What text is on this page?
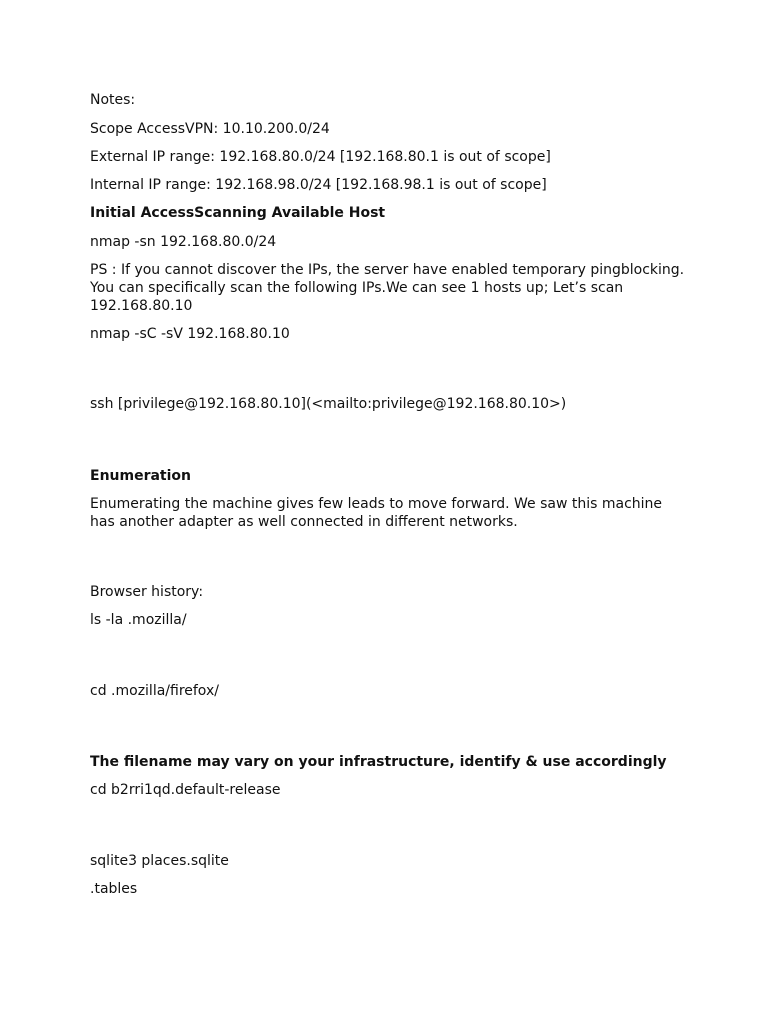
Notes:

Scope AccessVPN: 10.10.200.0/24

External IP range: 192.168.80.0/24 [192.168.80.1 is out of scope]

Internal IP range: 192.168.98.0/24 [192.168.98.1 is out of scope]

Initial AccessScanning Available Host

nmap -sn 192.168.80.0/24

PS : If you cannot discover the IPs, the server have enabled temporary pingblocking.

You can specifically scan the following IPs.We can see 1 hosts up; Let’s scan

192.168.80.10

nmap -sC -sV 192.168.80.10

ssh [privilege@192.168.80.10](<mailto:privilege@192.168.80.10>)

Enumeration

Enumerating the machine gives few leads to move forward. We saw this machine

has another adapter as well connected in different networks.

Browser history:

ls -la .mozilla/

cd .mozilla/firefox/

The filename may vary on your infrastructure, identify & use accordingly

cd b2rri1qd.default-release

sqlite3 places.sqlite

.tables
